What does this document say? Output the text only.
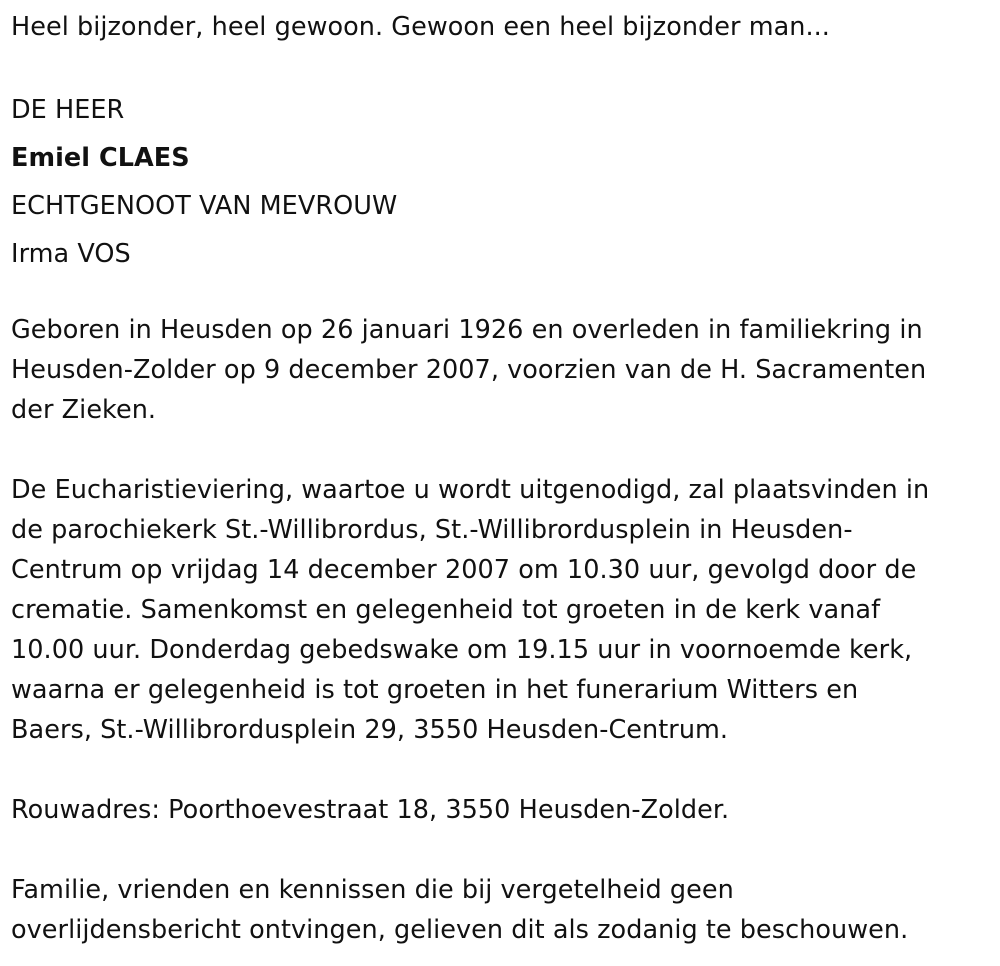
Heel bijzonder, heel gewoon. Gewoon een heel bijzonder man...

DE HEER

Emiel CLAES

ECHTGENOOT VAN MEVROUW

Irma VOS

Geboren in Heusden op 26 januari 1926 en overleden in familiekring in
Heusden-Zolder op 9 december 2007, voorzien van de H. Sacramenten
der Zieken.
De Eucharistieviering, waartoe u wordt uitgenodigd, zal plaatsvinden in
de parochiekerk St.-Willibrordus, St.-Willibrordusplein in Heusden-
Centrum op vrijdag 14 december 2007 om 10.30 uur, gevolgd door de
crematie. Samenkomst en gelegenheid tot groeten in de kerk vanaf
10.00 uur. Donderdag gebedswake om 19.15 uur in voornoemde kerk,
waarna er gelegenheid is tot groeten in het funerarium Witters en
Baers, St.-Willibrordusplein 29, 3550 Heusden-Centrum.

Rouwadres: Poorthoevestraat 18, 3550 Heusden-Zolder.

Familie, vrienden en kennissen die bij vergetelheid geen
overlijdensbericht ontvingen, gelieven dit als zodanig te beschouwen.
